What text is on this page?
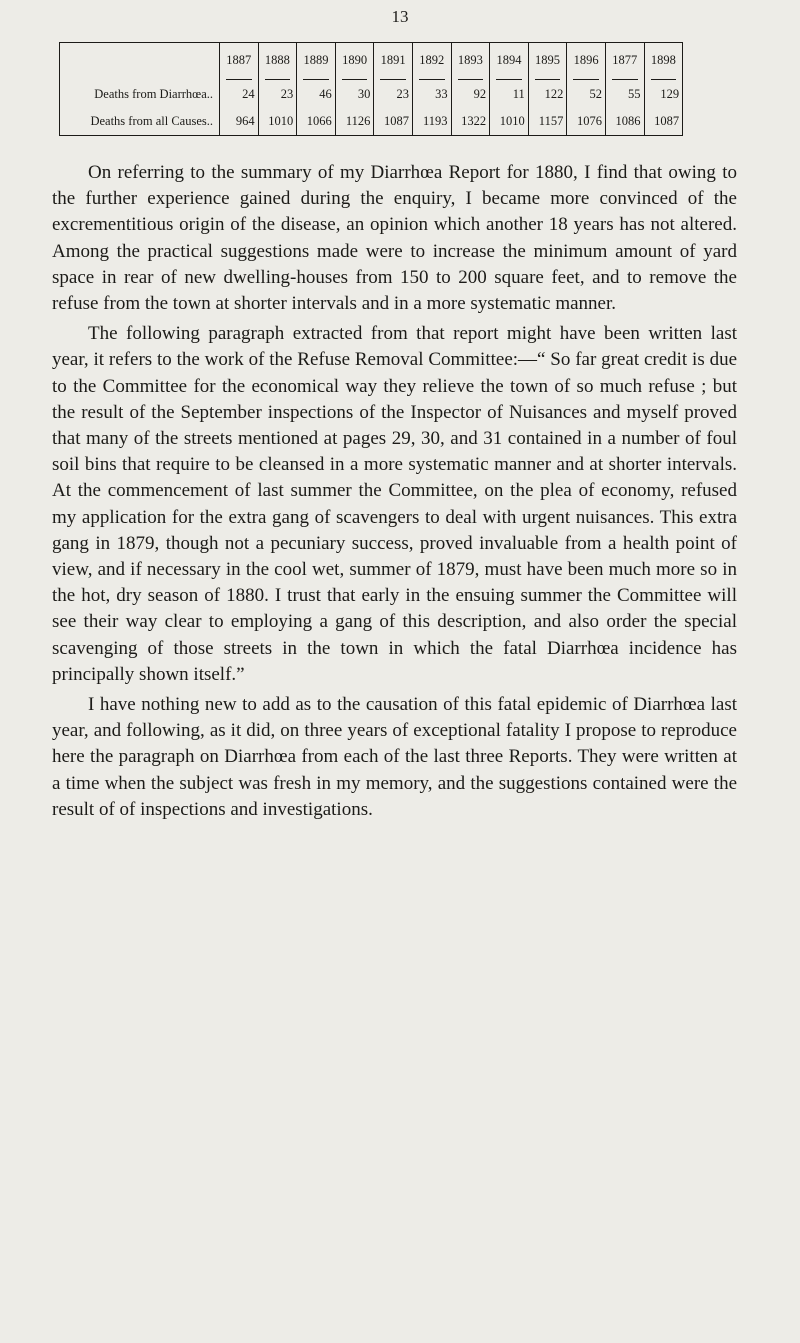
13
	1887	1888	1889	1890	1891	1892	1893	1894	1895	1896	1877	1898

Deaths from Diarrhœa..	24	23	46	30	23	33	92	11	122	52	55	129
Deaths from all Causes..	964	1010	1066	1126	1087	1193	1322	1010	1157	1076	1086	1087

On referring to the summary of my Diarrhœa Report for 1880, I find that owing to the further experience gained during the enquiry, I became more convinced of the excrementitious origin of the disease, an opinion which another 18 years has not altered. Among the practical suggestions made were to increase the minimum amount of yard space in rear of new dwelling-houses from 150 to 200 square feet, and to remove the refuse from the town at shorter intervals and in a more systematic manner.

The following paragraph extracted from that report might have been written last year, it refers to the work of the Refuse Removal Committee:—“ So far great credit is due to the Committee for the economical way they relieve the town of so much refuse ; but the result of the September inspections of the Inspector of Nuisances and myself proved that many of the streets mentioned at pages 29, 30, and 31 contained in a number of foul soil bins that require to be cleansed in a more systematic manner and at shorter intervals. At the commencement of last summer the Committee, on the plea of economy, refused my application for the extra gang of scavengers to deal with urgent nuisances. This extra gang in 1879, though not a pecuniary success, proved invaluable from a health point of view, and if necessary in the cool wet, summer of 1879, must have been much more so in the hot, dry season of 1880. I trust that early in the ensuing summer the Committee will see their way clear to employing a gang of this description, and also order the special scavenging of those streets in the town in which the fatal Diarrhœa incidence has principally shown itself.”

I have nothing new to add as to the causation of this fatal epidemic of Diarrhœa last year, and following, as it did, on three years of exceptional fatality I propose to reproduce here the paragraph on Diarrhœa from each of the last three Reports. They were written at a time when the subject was fresh in my memory, and the suggestions contained were the result of of inspections and investigations.
